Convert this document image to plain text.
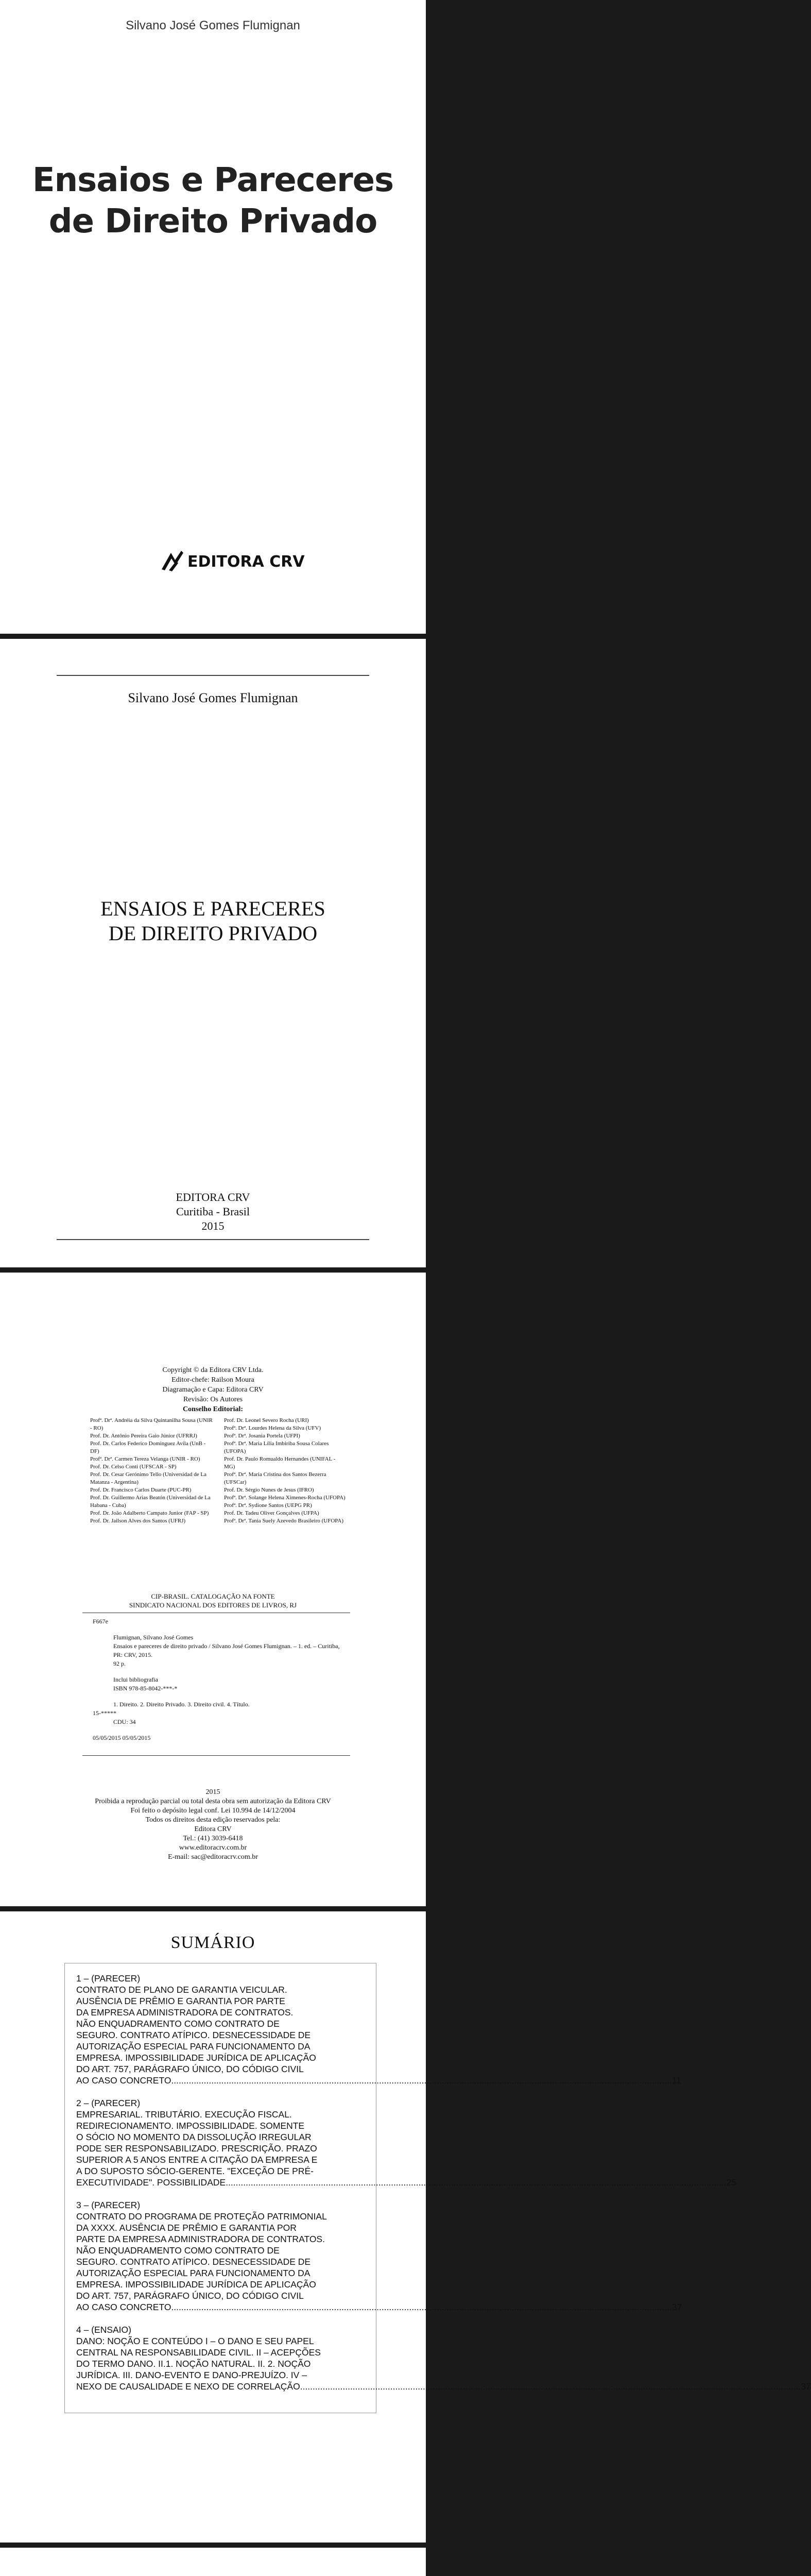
Silvano José Gomes Flumignan
Ensaios e Pareceres
de Direito Privado
EDITORA CRV
Silvano José Gomes Flumignan
ENSAIOS E PARECERES
DE DIREITO PRIVADO
EDITORA CRV
Curitiba - Brasil
2015
Copyright © da Editora CRV Ltda.
Editor-chefe: Railson Moura
Diagramação e Capa: Editora CRV
Revisão: Os Autores
Conselho Editorial:
Profª. Drª. Andréia da Silva Quintanilha Sousa (UNIR - RO)
Prof. Dr. Antônio Pereira Gaio Júnior (UFRRJ)
Prof. Dr. Carlos Federico Dominguez Avila (UnB - DF)
Profª. Drª. Carmen Tereza Velanga (UNIR - RO)
Prof. Dr. Celso Conti (UFSCAR - SP)
Prof. Dr. Cesar Gerónimo Tello (Universidad de La Matanza - Argentina)
Prof. Dr. Francisco Carlos Duarte (PUC-PR)
Prof. Dr. Guillermo Arias Beatón (Universidad de La Habana - Cuba)
Prof. Dr. João Adalberto Campato Junior (FAP - SP)
Prof. Dr. Jailson Alves dos Santos (UFRJ)
Prof. Dr. Leonel Severo Rocha (URI)
Profª. Drª. Lourdes Helena da Silva (UFV)
Profª. Drª. Josania Portela (UFPI)
Profª. Drª. Maria Lília Imbiriba Sousa Colares (UFOPA)
Prof. Dr. Paulo Romualdo Hernandes (UNIFAL - MG)
Profª. Drª. Maria Cristina dos Santos Bezerra (UFSCar)
Prof. Dr. Sérgio Nunes de Jesus (IFRO)
Profª. Drª. Solange Helena Ximenes-Rocha (UFOPA)
Profª. Drª. Sydione Santos (UEPG PR)
Prof. Dr. Tadeu Oliver Gonçalves (UFPA)
Profª. Drª. Tania Suely Azevedo Brasileiro (UFOPA)
CIP-BRASIL. CATALOGAÇÃO NA FONTE
SINDICATO NACIONAL DOS EDITORES DE LIVROS, RJ
F667e
Flumignan, Silvano José Gomes
Ensaios e pareceres de direito privado / Silvano José Gomes Flumignan. – 1. ed. – Curitiba, PR: CRV, 2015.
92 p.
Inclui bibliografia
ISBN 978-85-8042-***-*
1. Direito. 2. Direito Privado. 3. Direito civil. 4. Título.
15-*****
CDU: 34
05/05/2015 05/05/2015
2015
Proibida a reprodução parcial ou total desta obra sem autorização da Editora CRV
Foi feito o depósito legal conf. Lei 10.994 de 14/12/2004
Todos os direitos desta edição reservados pela:
Editora CRV
Tel.: (41) 3039-6418
www.editoracrv.com.br
E-mail: sac@editoracrv.com.br
SUMÁRIO
1 – (PARECER)
CONTRATO DE PLANO DE GARANTIA VEICULAR.
AUSÊNCIA DE PRÊMIO E GARANTIA POR PARTE
DA EMPRESA ADMINISTRADORA DE CONTRATOS.
NÃO ENQUADRAMENTO COMO CONTRATO DE
SEGURO. CONTRATO ATÍPICO. DESNECESSIDADE DE
AUTORIZAÇÃO ESPECIAL PARA FUNCIONAMENTO DA
EMPRESA. IMPOSSIBILIDADE JURÍDICA DE APLICAÇÃO
DO ART. 757, PARÁGRAFO ÚNICO, DO CÓDIGO CIVIL
AO CASO CONCRETO ........................................................................................................................................................................................................ 11
2 – (PARECER)
EMPRESARIAL. TRIBUTÁRIO. EXECUÇÃO FISCAL.
REDIRECIONAMENTO. IMPOSSIBILIDADE. SOMENTE
O SÓCIO NO MOMENTO DA DISSOLUÇÃO IRREGULAR
PODE SER RESPONSABILIZADO. PRESCRIÇÃO. PRAZO
SUPERIOR A 5 ANOS ENTRE A CITAÇÃO DA EMPRESA E
A DO SUPOSTO SÓCIO-GERENTE. "EXCEÇÃO DE PRÉ-
EXECUTIVIDADE". POSSIBILIDADE ........................................................................................................................................................................................................ 25
3 – (PARECER)
CONTRATO DO PROGRAMA DE PROTEÇÃO PATRIMONIAL
DA XXXX. AUSÊNCIA DE PRÊMIO E GARANTIA POR
PARTE DA EMPRESA ADMINISTRADORA DE CONTRATOS.
NÃO ENQUADRAMENTO COMO CONTRATO DE
SEGURO. CONTRATO ATÍPICO. DESNECESSIDADE DE
AUTORIZAÇÃO ESPECIAL PARA FUNCIONAMENTO DA
EMPRESA. IMPOSSIBILIDADE JURÍDICA DE APLICAÇÃO
DO ART. 757, PARÁGRAFO ÚNICO, DO CÓDIGO CIVIL
AO CASO CONCRETO ........................................................................................................................................................................................................ 37
4 – (ENSAIO)
DANO: NOÇÃO E CONTEÚDO I – O DANO E SEU PAPEL
CENTRAL NA RESPONSABILIDADE CIVIL. II – ACEPÇÕES
DO TERMO DANO. II.1. NOÇÃO NATURAL. II. 2. NOÇÃO
JURÍDICA. III. DANO-EVENTO E DANO-PREJUÍZO. IV –
NEXO DE CAUSALIDADE E NEXO DE CORRELAÇÃO ........................................................................................................................................................................................................ 37
